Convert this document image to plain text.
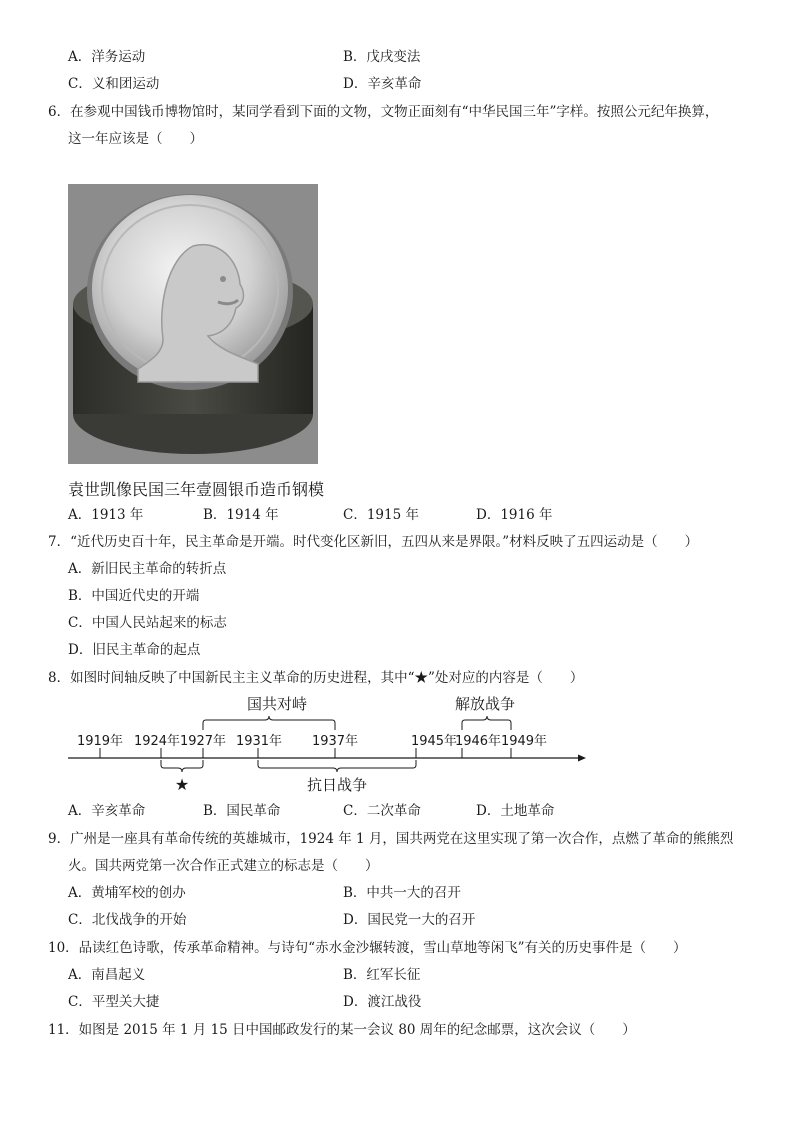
A．洋务运动	B．戊戌变法
C．义和团运动	D．辛亥革命
6．在参观中国钱币博物馆时，某同学看到下面的文物，文物正面刻有“中华民国三年”字样。按照公元纪年换算，
这一年应该是（　　）
袁世凯像民国三年壹圆银币造币钢模
A．1913 年	B．1914 年	C．1915 年	D．1916 年
7．“近代历史百十年，民主革命是开端。时代变化区新旧，五四从来是界限。”材料反映了五四运动是（　　）
A．新旧民主革命的转折点
B．中国近代史的开端
C．中国人民站起来的标志
D．旧民主革命的起点
8．如图时间轴反映了中国新民主主义革命的历史进程，其中“★”处对应的内容是（　　）
1919年 1924年 1927年 1931年 1937年	1945年
1946年 1949年
国共对峙	解放战争
★	抗日战争
A．辛亥革命	B．国民革命	C．二次革命	D．土地革命
9．广州是一座具有革命传统的英雄城市，1924 年 1 月，国共两党在这里实现了第一次合作，点燃了革命的熊熊烈
火。国共两党第一次合作正式建立的标志是（　　）
A．黄埔军校的创办	B．中共一大的召开
C．北伐战争的开始	D．国民党一大的召开
10．品读红色诗歌，传承革命精神。与诗句“赤水金沙辗转渡，雪山草地等闲飞”有关的历史事件是（　　）
A．南昌起义	B．红军长征
C．平型关大捷	D．渡江战役
11．如图是 2015 年 1 月 15 日中国邮政发行的某一会议 80 周年的纪念邮票，这次会议（　　）
